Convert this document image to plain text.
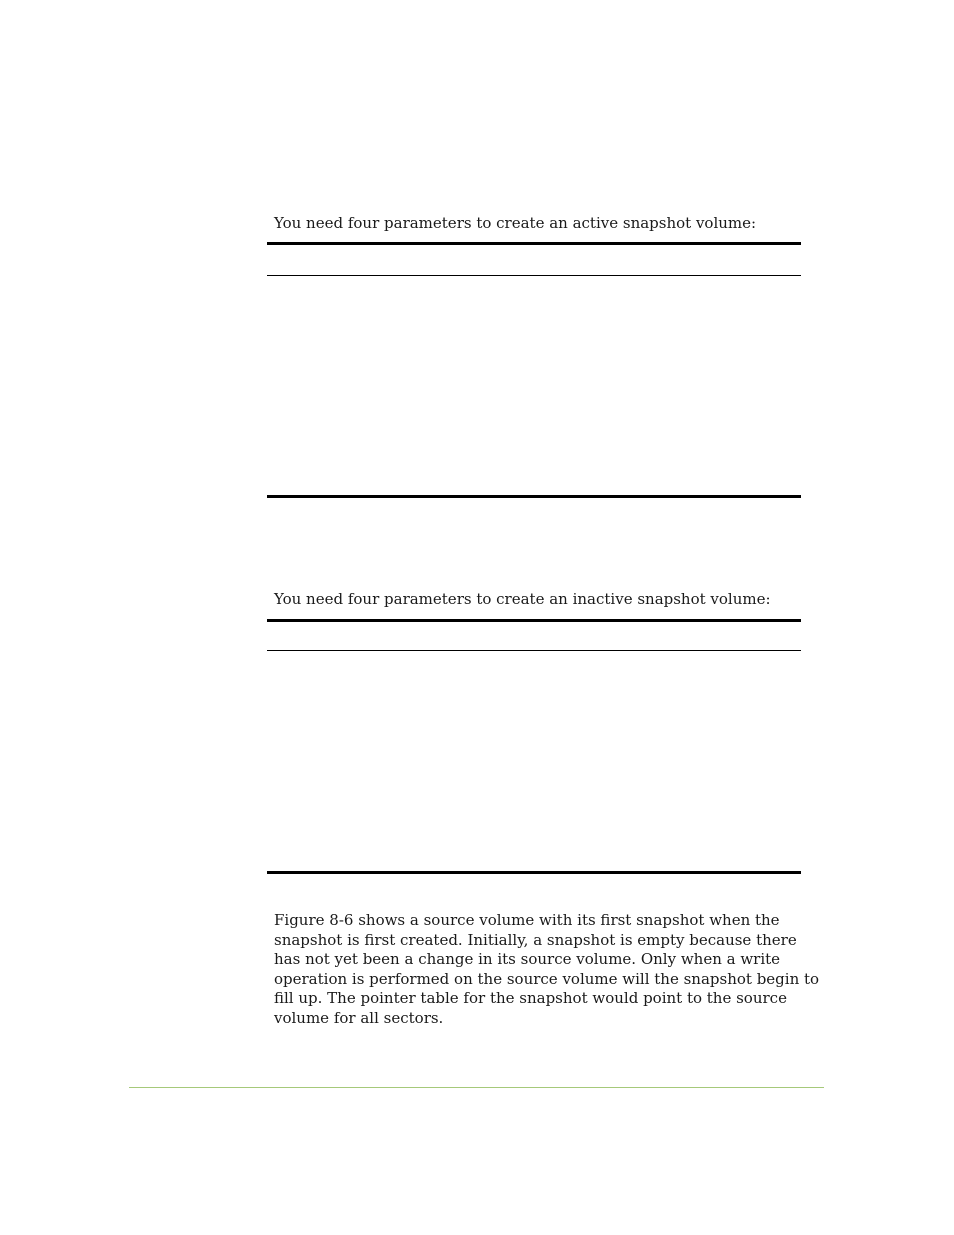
You need four parameters to create an active snapshot volume:

You need four parameters to create an inactive snapshot volume:

Figure 8-6 shows a source volume with its first snapshot when the snapshot is first created. Initially, a snapshot is empty because there has not yet been a change in its source volume. Only when a write operation is performed on the source volume will the snapshot begin to fill up. The pointer table for the snapshot would point to the source volume for all sectors.
